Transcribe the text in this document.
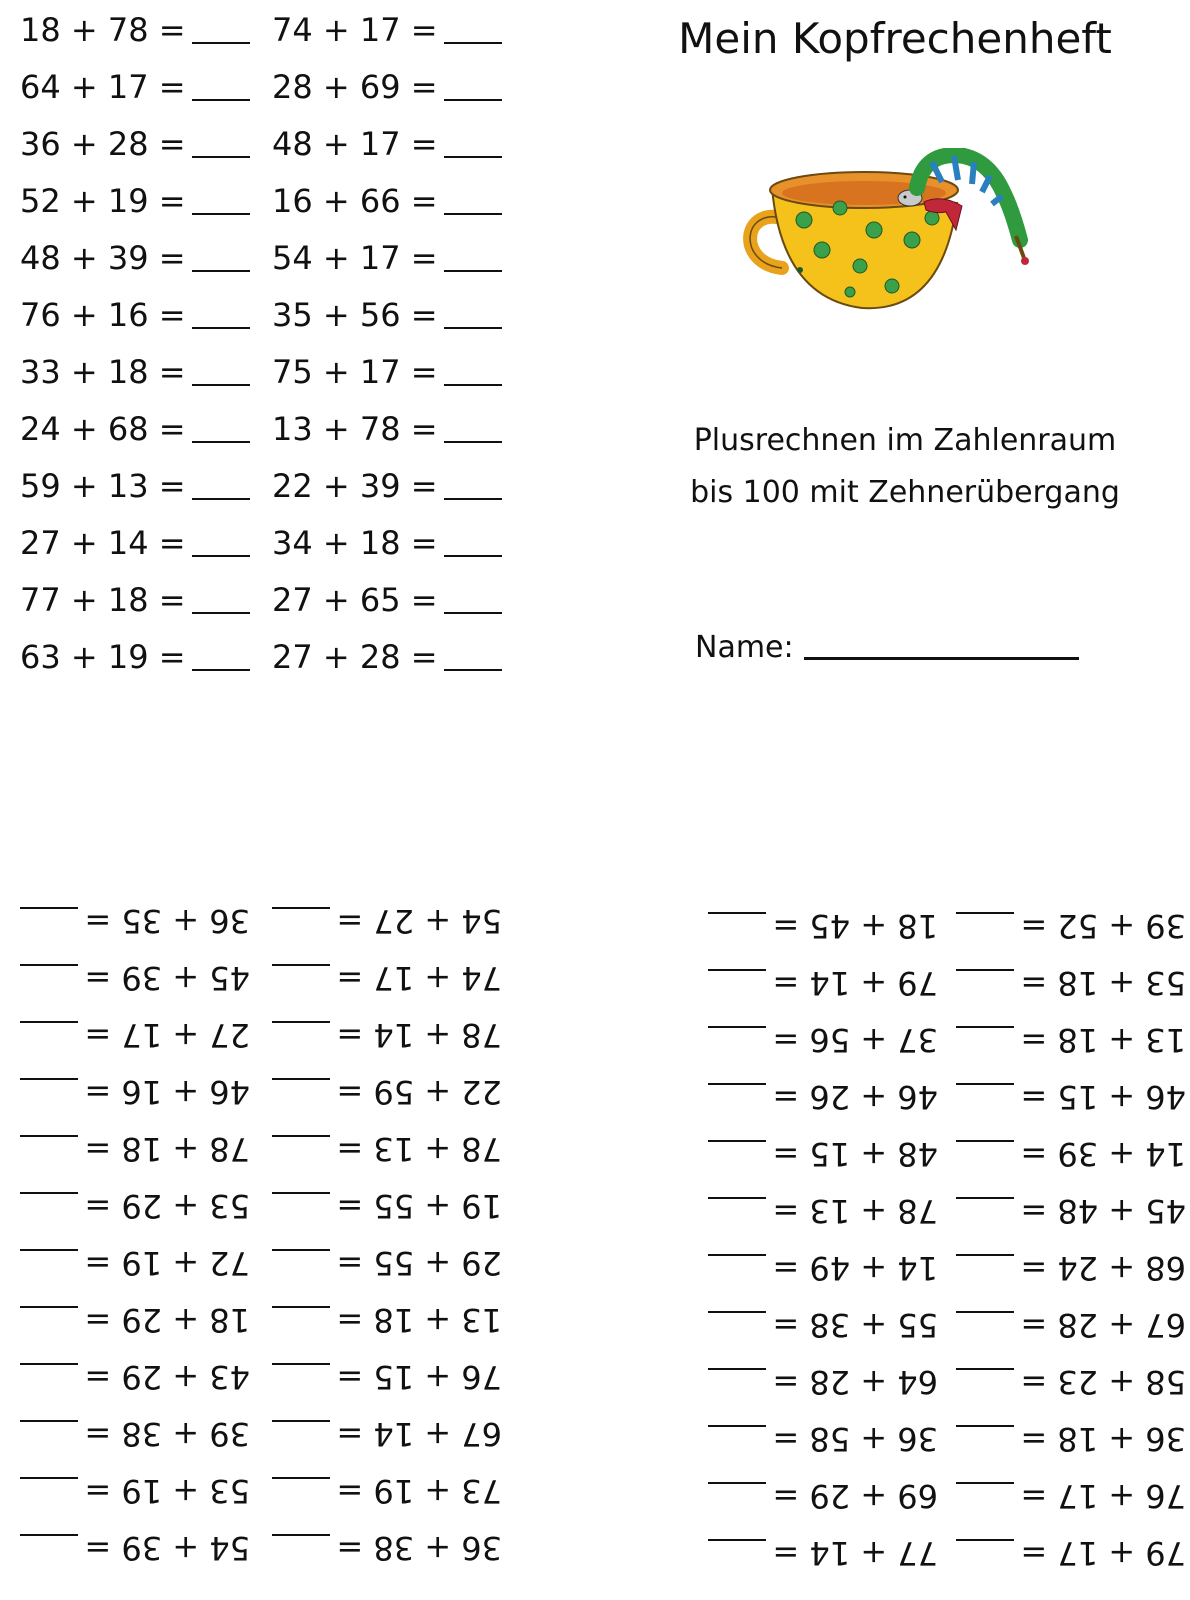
18 + 78 =
64 + 17 =
36 + 28 =
52 + 19 =
48 + 39 =
76 + 16 =
33 + 18 =
24 + 68 =
59 + 13 =
27 + 14 =
77 + 18 =
63 + 19 =
74 + 17 =
28 + 69 =
48 + 17 =
16 + 66 =
54 + 17 =
35 + 56 =
75 + 17 =
13 + 78 =
22 + 39 =
34 + 18 =
27 + 65 =
27 + 28 =
Mein Kopfrechenheft
Plusrechnen im Zahlenraum
bis 100 mit Zehnerübergang
Name:
54 + 39 =
53 + 19 =
39 + 38 =
43 + 29 =
18 + 29 =
72 + 19 =
53 + 29 =
78 + 18 =
46 + 16 =
27 + 17 =
45 + 39 =
36 + 35 =
36 + 38 =
73 + 19 =
67 + 14 =
76 + 15 =
13 + 18 =
29 + 55 =
19 + 55 =
78 + 13 =
22 + 59 =
78 + 14 =
74 + 17 =
54 + 27 =
77 + 14 =
69 + 29 =
36 + 58 =
64 + 28 =
55 + 38 =
14 + 49 =
78 + 13 =
48 + 15 =
46 + 26 =
37 + 56 =
79 + 14 =
18 + 45 =
79 + 17 =
76 + 17 =
36 + 18 =
58 + 23 =
67 + 28 =
68 + 24 =
45 + 48 =
14 + 39 =
46 + 15 =
13 + 18 =
53 + 18 =
39 + 52 =
